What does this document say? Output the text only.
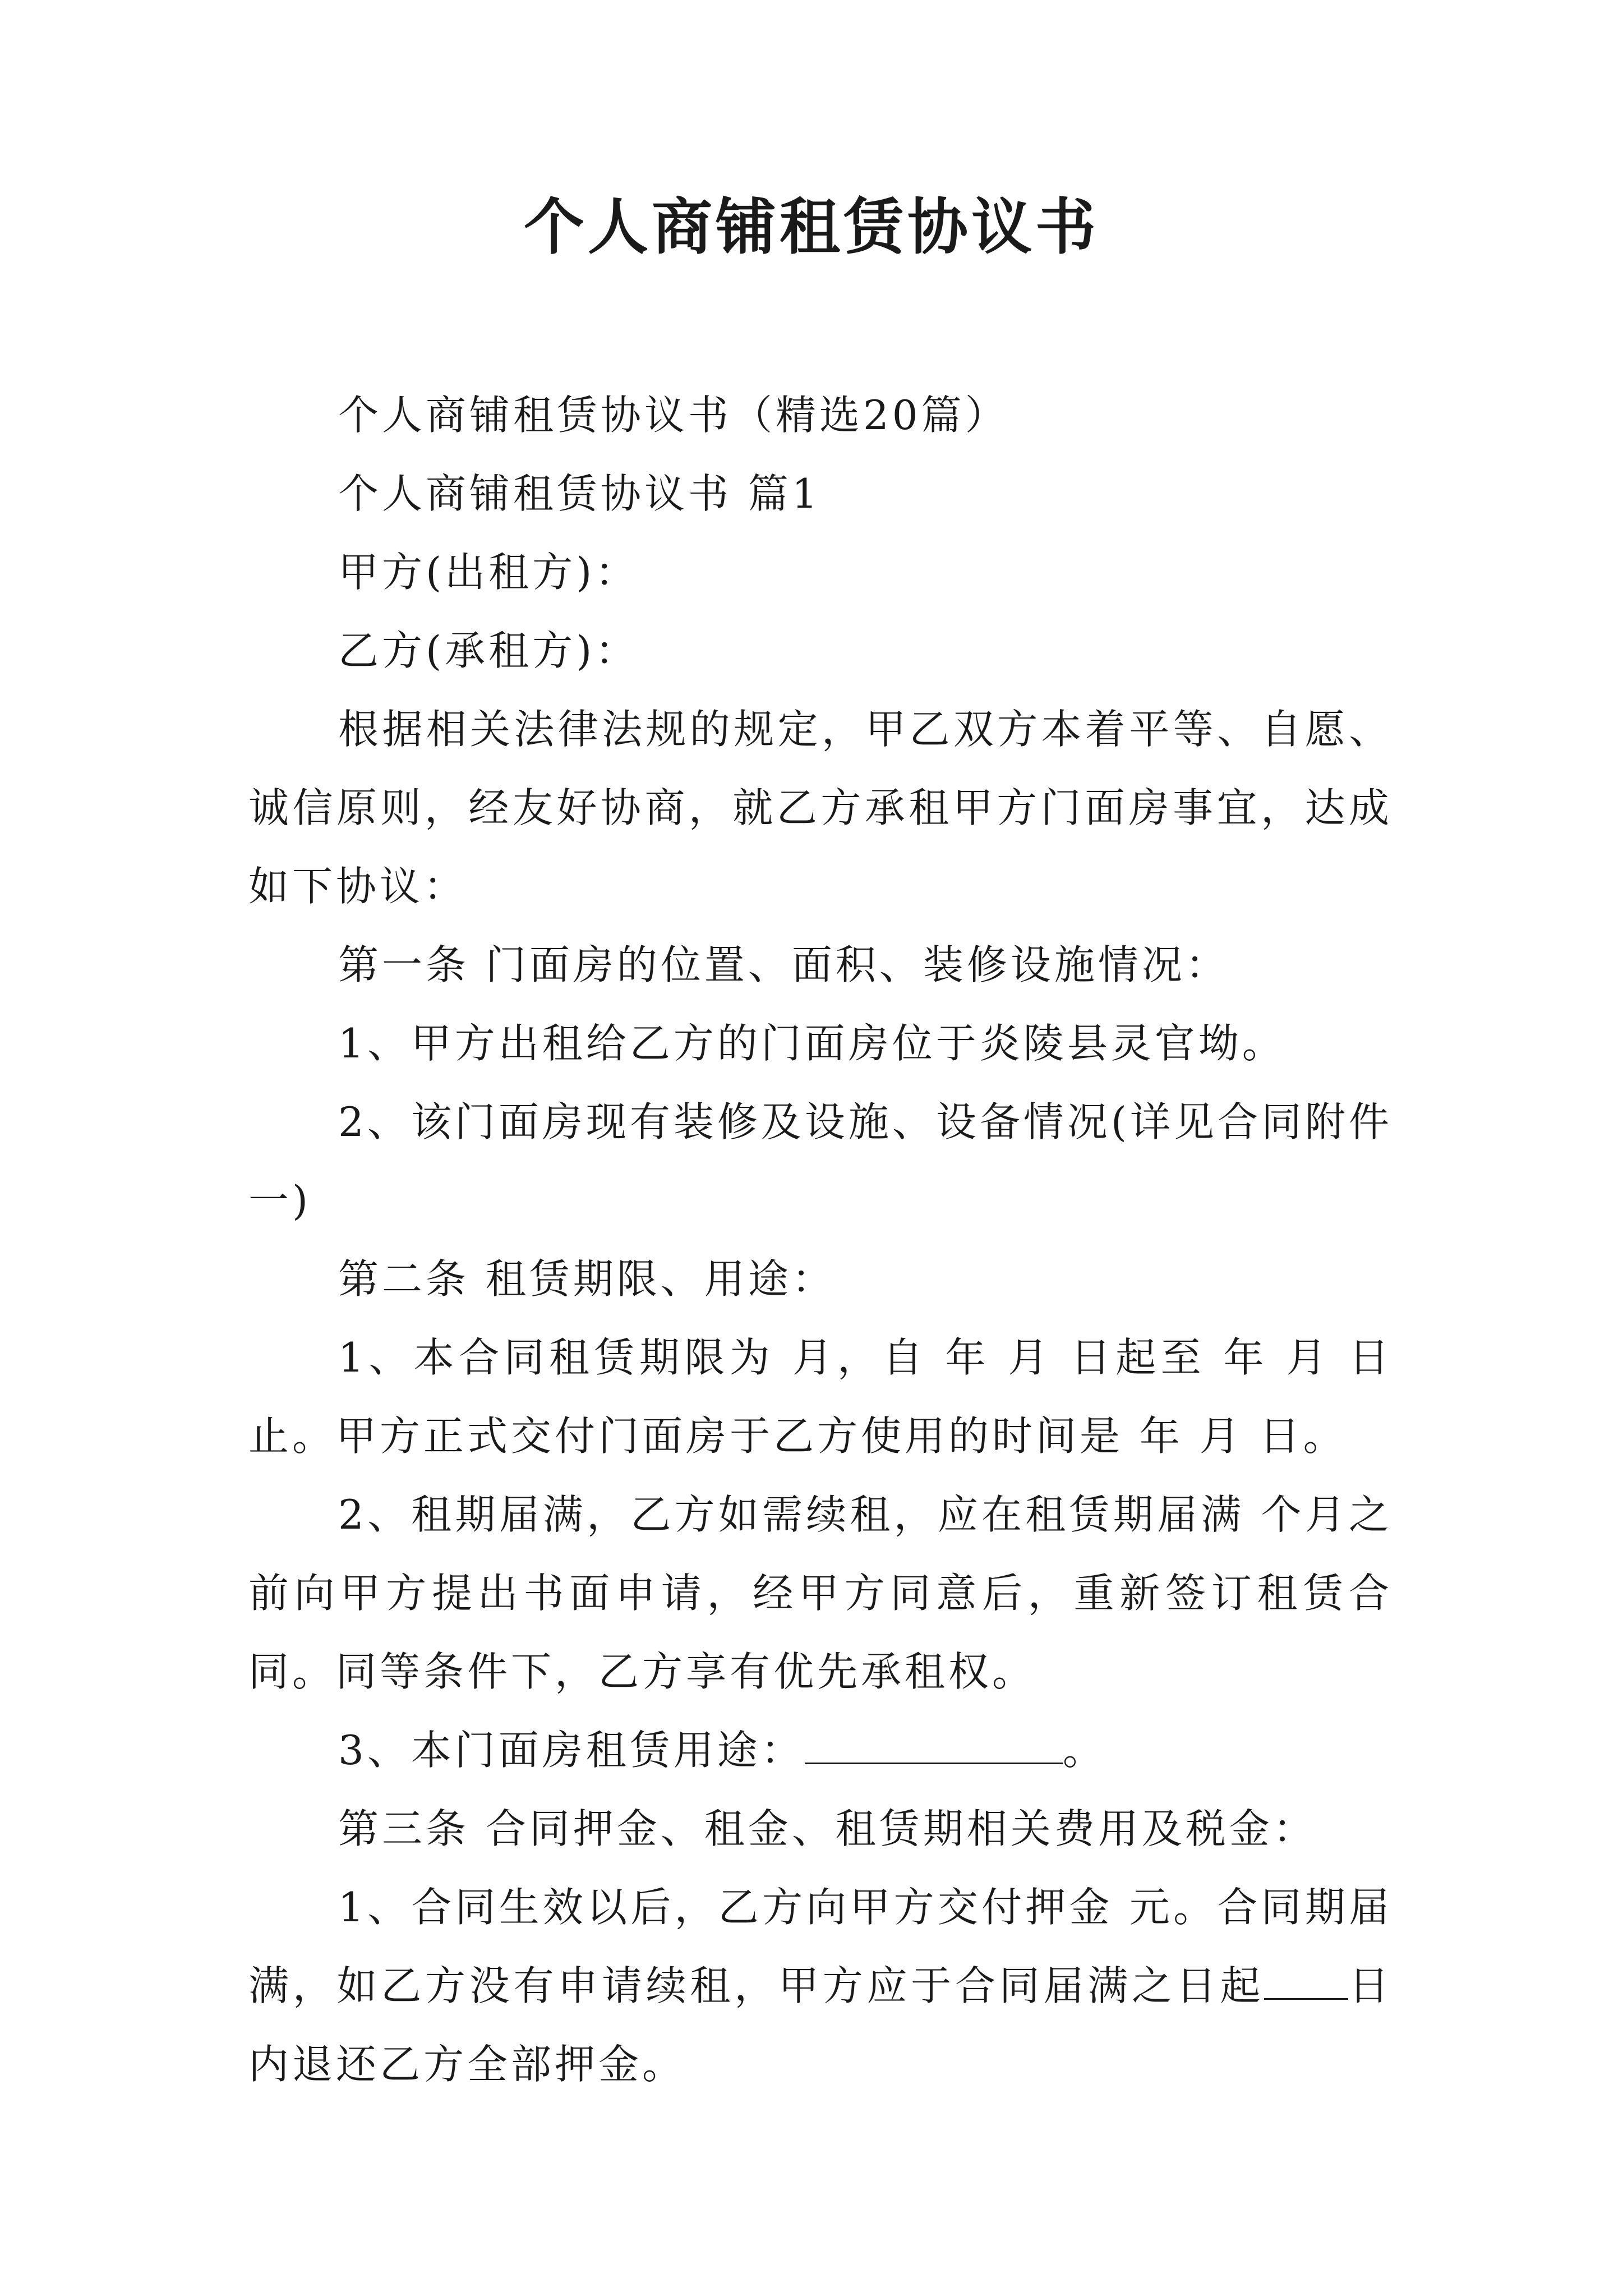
个人商铺租赁协议书

个人商铺租赁协议书（精选20篇）

个人商铺租赁协议书 篇1

甲方(出租方)：

乙方(承租方)：

根据相关法律法规的规定，甲乙双方本着平等、自愿、诚信原则，经友好协商，就乙方承租甲方门面房事宜，达成如下协议：

第一条 门面房的位置、面积、装修设施情况：

1、甲方出租给乙方的门面房位于炎陵县灵官坳。

2、该门面房现有装修及设施、设备情况(详见合同附件一)

第二条 租赁期限、用途：

1、本合同租赁期限为 月，自 年 月 日起至 年 月 日止。甲方正式交付门面房于乙方使用的时间是 年 月 日。

2、租期届满，乙方如需续租，应在租赁期届满 个月之前向甲方提出书面申请，经甲方同意后，重新签订租赁合同。同等条件下，乙方享有优先承租权。

3、本门面房租赁用途：	。

第三条 合同押金、租金、租赁期相关费用及税金：

1、合同生效以后，乙方向甲方交付押金 元。合同期届满，如乙方没有申请续租，甲方应于合同届满之日起 日内退还乙方全部押金。
